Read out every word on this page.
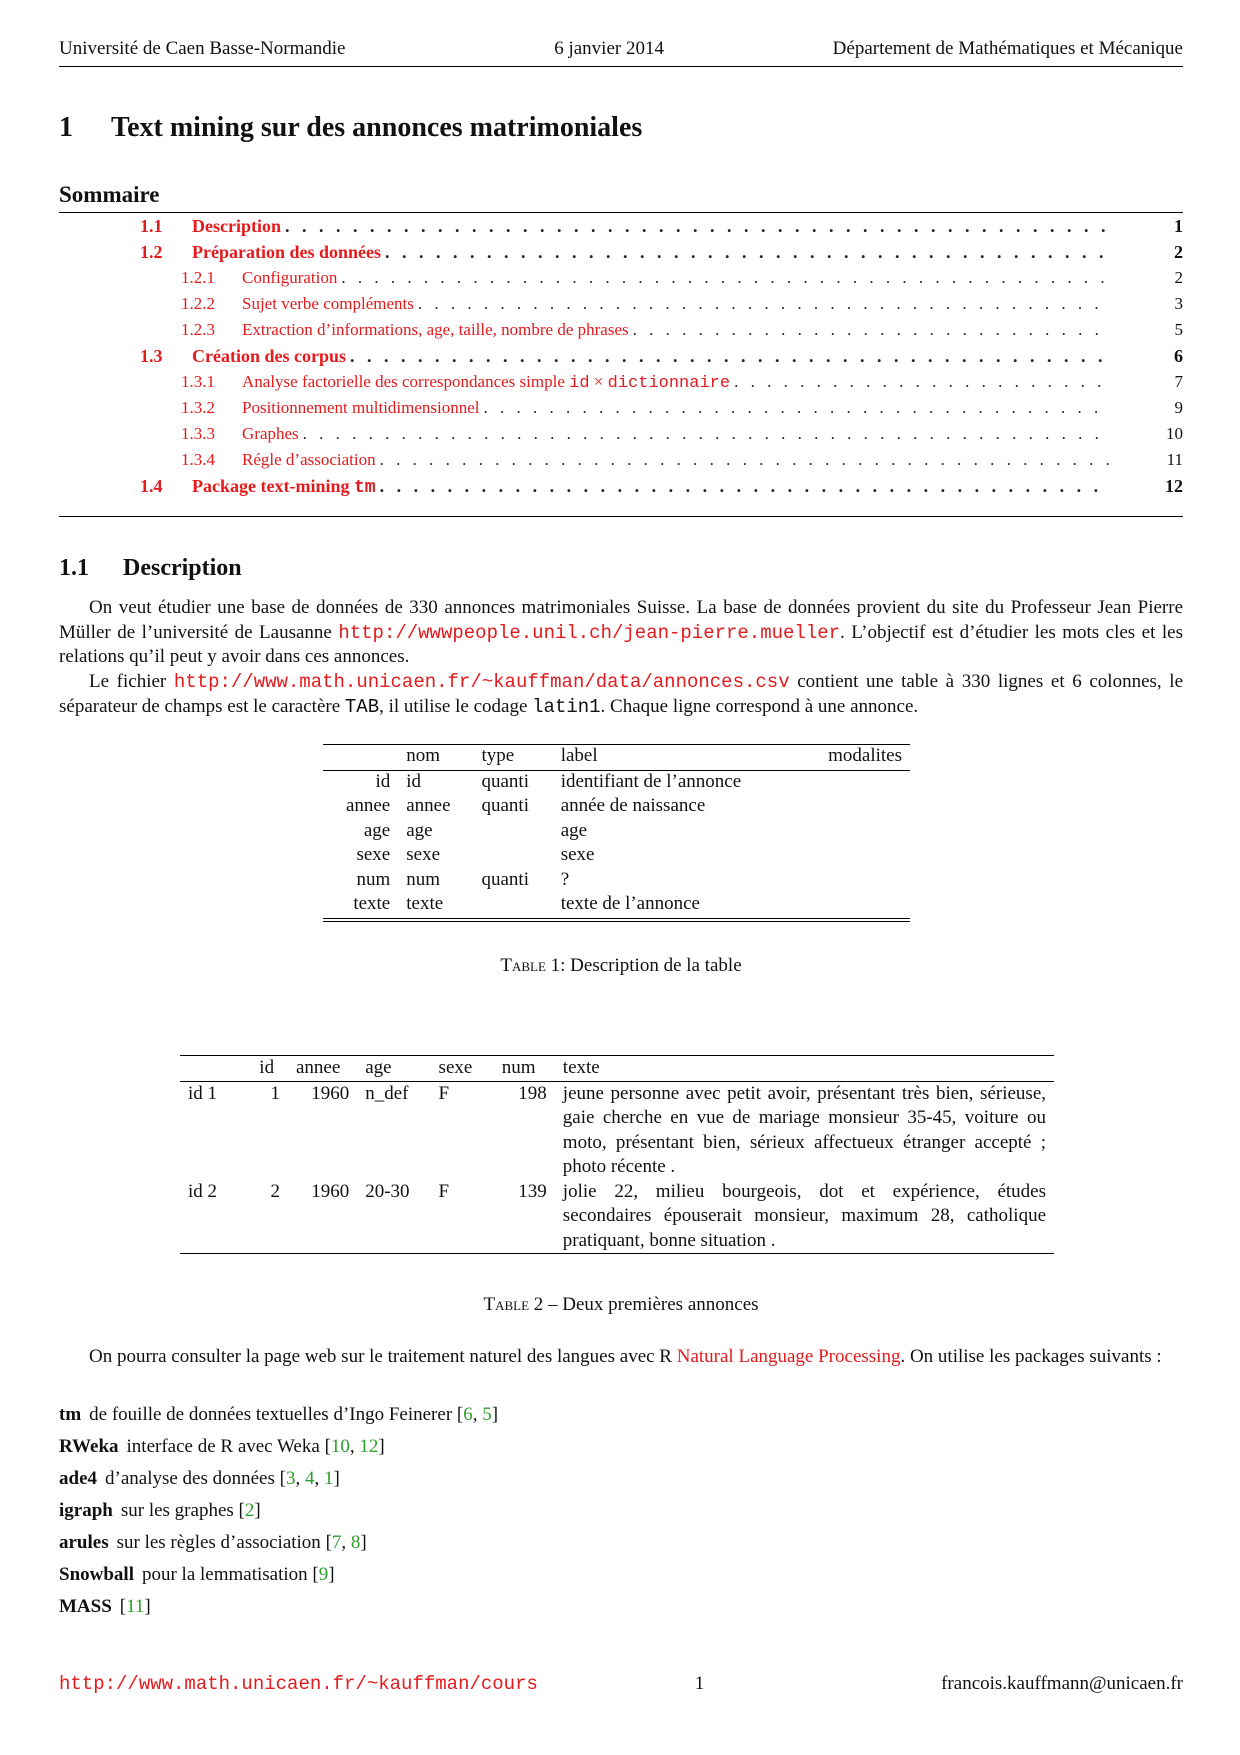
Université de Caen Basse-Normandie	6 janvier 2014	Département de Mathématiques et Mécanique
1 Text mining sur des annonces matrimoniales
Sommaire
1.1	Description . . .	1
1.2	Préparation des données . . .	2
1.2.1	Configuration . . .	2
1.2.2	Sujet verbe compléments . . .	3
1.2.3	Extraction d’informations, age, taille, nombre de phrases . . .	5
1.3	Création des corpus . . .	6
1.3.1	Analyse factorielle des correspondances simple id × dictionnaire . . .	7
1.3.2	Positionnement multidimensionnel . . .	9
1.3.3	Graphes . . .	10
1.3.4	Régle d’association . . .	11
1.4	Package text-mining tm . . .	12
1.1 Description
On veut étudier une base de données de 330 annonces matrimoniales Suisse. La base de données provient du site du Professeur Jean Pierre Müller de l’université de Lausanne http://wwwpeople.unil.ch/jean-pierre.mueller. L’objectif est d’étudier les mots cles et les relations qu’il peut y avoir dans ces annonces.
Le fichier http://www.math.unicaen.fr/~kauffman/data/annonces.csv contient une table à 330 lignes et 6 colonnes, le séparateur de champs est le caractère TAB, il utilise le codage latin1. Chaque ligne correspond à une annonce.
	nom	type	label	modalites
id	id	quanti	identifiant de l’annonce	
annee	annee	quanti	année de naissance	
age	age		age	
sexe	sexe		sexe	
num	num	quanti	?	
texte	texte		texte de l’annonce	
Table 1: Description de la table
	id	annee	age	sexe	num	texte
id 1	1	1960	n_def	F	198	jeune personne avec petit avoir, présentant très bien, sérieuse, gaie cherche en vue de mariage monsieur 35-45, voiture ou moto, présentant bien, sérieux affectueux étranger accepté ; photo récente .
id 2	2	1960	20-30	F	139	jolie 22, milieu bourgeois, dot et expérience, études secondaires épouserait monsieur, maximum 28, catholique pratiquant, bonne situation .
Table 2 – Deux premières annonces
On pourra consulter la page web sur le traitement naturel des langues avec R Natural Language Processing. On utilise les packages suivants :
tm de fouille de données textuelles d’Ingo Feinerer [6, 5]
RWeka interface de R avec Weka [10, 12]
ade4 d’analyse des données [3, 4, 1]
igraph sur les graphes [2]
arules sur les règles d’association [7, 8]
Snowball pour la lemmatisation [9]
MASS [11]
http://www.math.unicaen.fr/~kauffman/cours	1	francois.kauffmann@unicaen.fr
